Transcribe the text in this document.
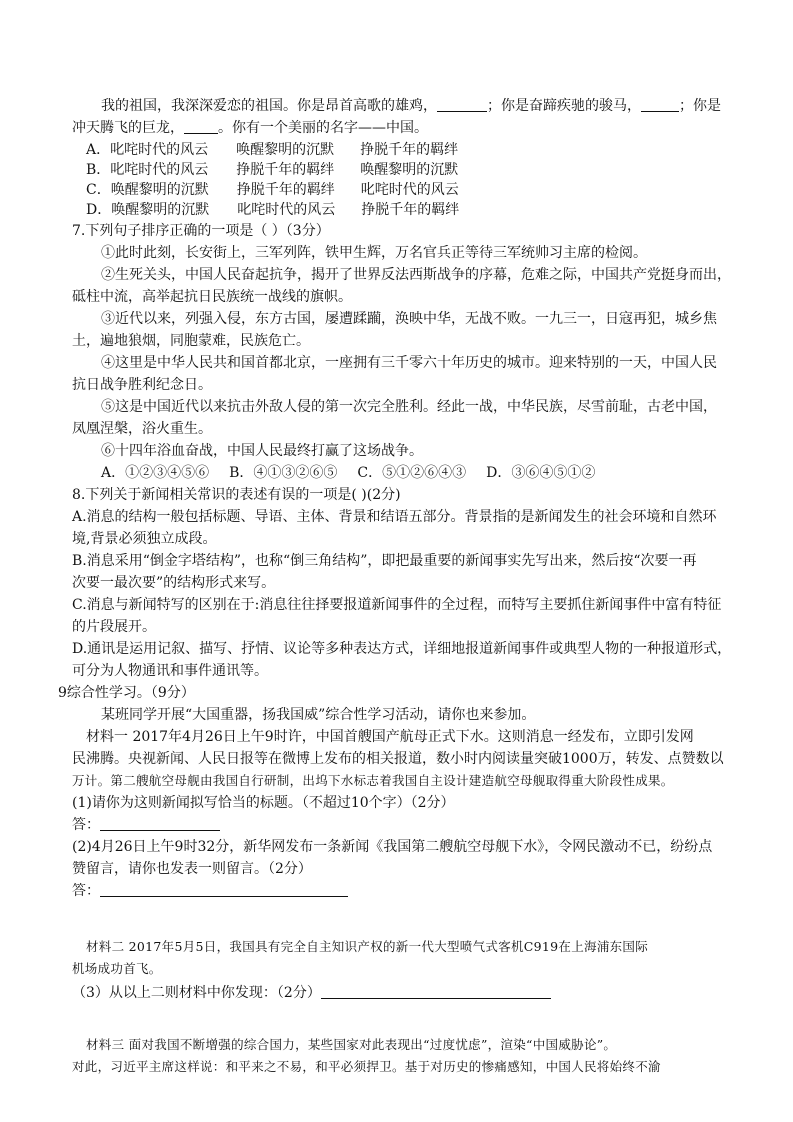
我的祖国，我深深爱恋的祖国。你是昂首高歌的雄鸡，	；你是奋蹄疾驰的骏马，	；你是
冲天腾飞的巨龙， 。你有一个美丽的名字——中国。
A．叱咤时代的风云 唤醒黎明的沉默 挣脱千年的羁绊
B．叱咤时代的风云 挣脱千年的羁绊 唤醒黎明的沉默
C．唤醒黎明的沉默 挣脱千年的羁绊 叱咤时代的风云
D．唤醒黎明的沉默 叱咤时代的风云 挣脱千年的羁绊
7.下列句子排序正确的一项是（ ）（3分）
①此时此刻，长安街上，三军列阵，铁甲生辉，万名官兵正等待三军统帅习主席的检阅。
②生死关头，中国人民奋起抗争，揭开了世界反法西斯战争的序幕，危难之际，中国共产党挺身而出，
砥柱中流，高举起抗日民族统一战线的旗帜。
③近代以来，列强入侵，东方古国，屡遭蹂躏，涣映中华，无战不败。一九三一，日寇再犯，城乡焦
土，遍地狼烟，同胞蒙难，民族危亡。
④这里是中华人民共和国首都北京，一座拥有三千零六十年历史的城市。迎来特别的一天，中国人民
抗日战争胜利纪念日。
⑤这是中国近代以来抗击外敌人侵的第一次完全胜利。经此一战，中华民族，尽雪前耻，古老中国，
凤凰涅槃，浴火重生。
⑥十四年浴血奋战，中国人民最终打赢了这场战争。
A．①②③④⑤⑥ B．④①③②⑥⑤ C．⑤①②⑥④③ D．③⑥④⑤①②
8.下列关于新闻相关常识的表述有误的一项是( )(2分)
A.消息的结构一般包括标题、导语、主体、背景和结语五部分。背景指的是新闻发生的社会环境和自然环
境,背景必须独立成段。
B.消息采用“倒金字塔结构”，也称“倒三角结构”，即把最重要的新闻事实先写出来，然后按“次要一再
次要一最次要”的结构形式来写。
C.消息与新闻特写的区别在于:消息往往择要报道新闻事件的全过程，而特写主要抓住新闻事件中富有特征
的片段展开。
D.通讯是运用记叙、描写、抒情、议论等多种表达方式，详细地报道新闻事件或典型人物的一种报道形式，
可分为人物通讯和事件通讯等。
9综合性学习。（9分）
某班同学开展“大国重器，扬我国威”综合性学习活动，请你也来参加。
材料一 2017年4月26日上午9时许，中国首艘国产航母正式下水。这则消息一经发布，立即引发网
民沸腾。央视新闻、人民日报等在微博上发布的相关报道，数小时内阅读量突破1000万，转发、点赞数以
万计。第二艘航空母舰由我国自行研制，出坞下水标志着我国自主设计建造航空母舰取得重大阶段性成果。
(1)请你为这则新闻拟写恰当的标题。（不超过10个字）（2分）
答：
(2)4月26日上午9时32分，新华网发布一条新闻《我国第二艘航空母舰下水》，令网民激动不已，纷纷点
赞留言，请你也发表一则留言。（2分）
答：
材料二 2017年5月5日，我国具有完全自主知识产权的新一代大型喷气式客机C919在上海浦东国际
机场成功首飞。
（3）从以上二则材料中你发现：（2分）
材料三 面对我国不断增强的综合国力，某些国家对此表现出“过度忧虑”，渲染“中国威胁论”。
对此，习近平主席这样说：和平来之不易，和平必须捍卫。基于对历史的惨痛感知，中国人民将始终不渝
